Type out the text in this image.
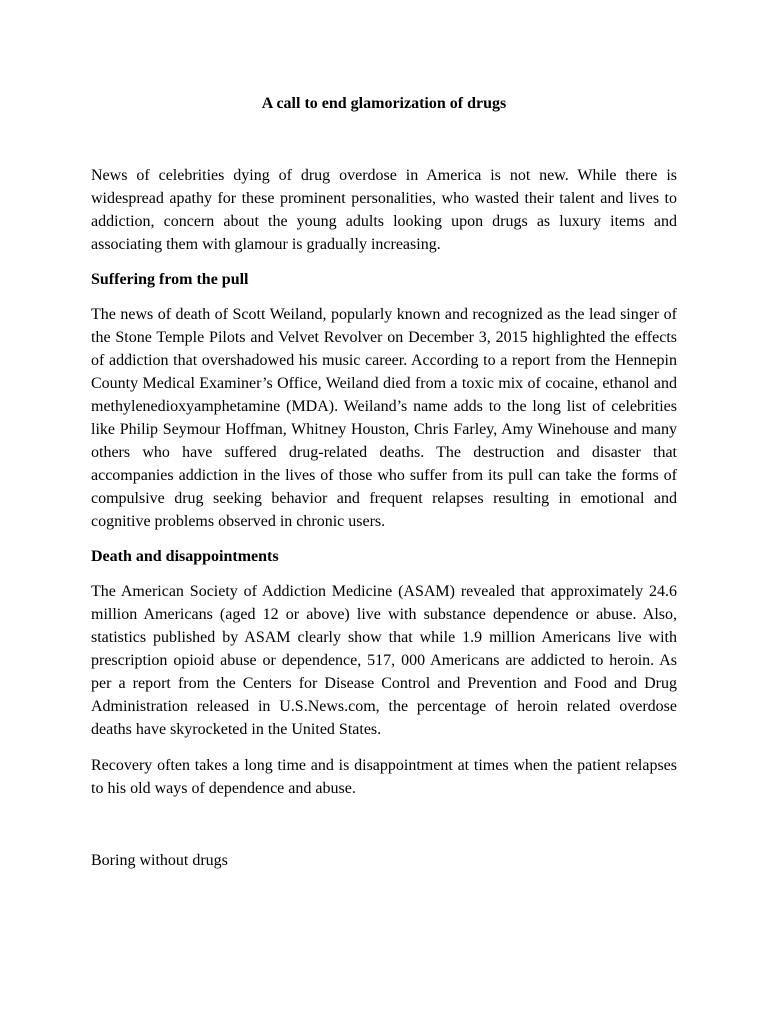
A call to end glamorization of drugs

News of celebrities dying of drug overdose in America is not new. While there is widespread apathy for these prominent personalities, who wasted their talent and lives to addiction, concern about the young adults looking upon drugs as luxury items and associating them with glamour is gradually increasing.

Suffering from the pull

The news of death of Scott Weiland, popularly known and recognized as the lead singer of the Stone Temple Pilots and Velvet Revolver on December 3, 2015 highlighted the effects of addiction that overshadowed his music career. According to a report from the Hennepin County Medical Examiner’s Office, Weiland died from a toxic mix of cocaine, ethanol and methylenedioxyamphetamine (MDA). Weiland’s name adds to the long list of celebrities like Philip Seymour Hoffman, Whitney Houston, Chris Farley, Amy Winehouse and many others who have suffered drug-related deaths. The destruction and disaster that accompanies addiction in the lives of those who suffer from its pull can take the forms of compulsive drug seeking behavior and frequent relapses resulting in emotional and cognitive problems observed in chronic users.

Death and disappointments

The American Society of Addiction Medicine (ASAM) revealed that approximately 24.6 million Americans (aged 12 or above) live with substance dependence or abuse. Also, statistics published by ASAM clearly show that while 1.9 million Americans live with prescription opioid abuse or dependence, 517, 000 Americans are addicted to heroin. As per a report from the Centers for Disease Control and Prevention and Food and Drug Administration released in U.S.News.com, the percentage of heroin related overdose deaths have skyrocketed in the United States.

Recovery often takes a long time and is disappointment at times when the patient relapses to his old ways of dependence and abuse.

Boring without drugs
